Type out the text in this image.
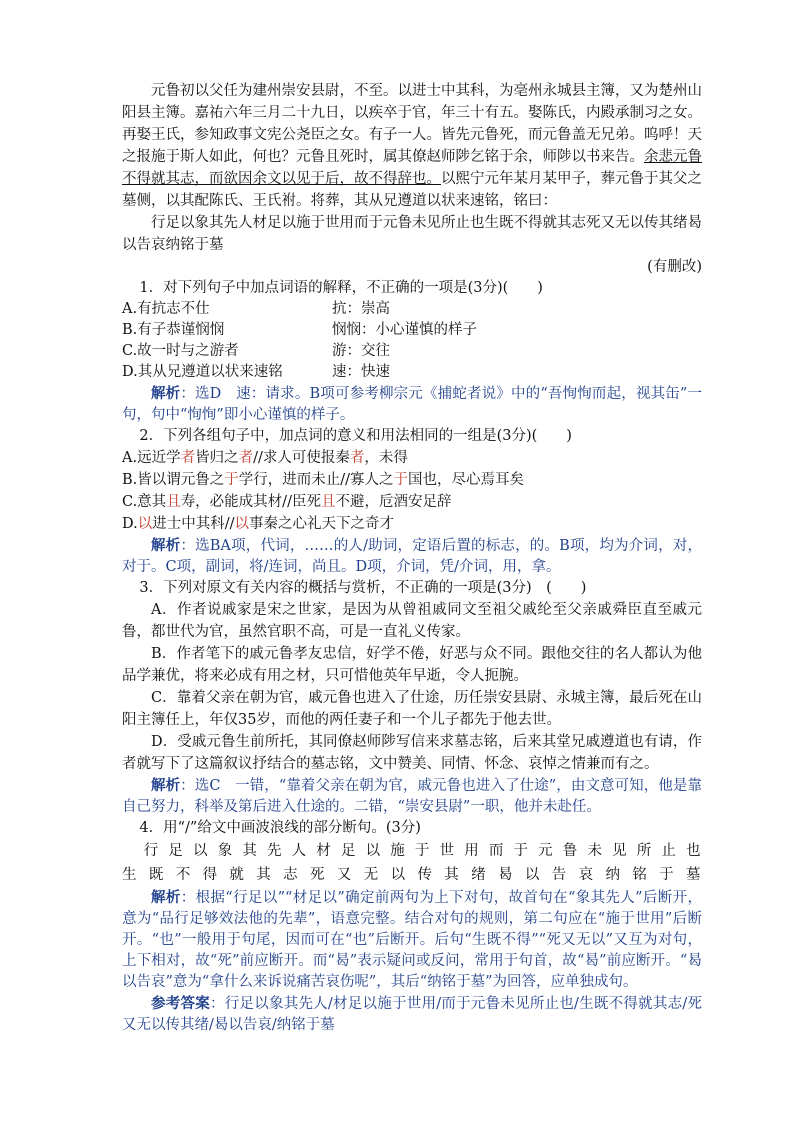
元鲁初以父任为建州崇安县尉，不至。以进士中其科，为亳州永城县主簿，又为楚州山阳县主簿。嘉祐六年三月二十九日，以疾卒于官，年三十有五。娶陈氏，内殿承制习之女。再娶王氏，参知政事文宪公尧臣之女。有子一人。皆先元鲁死，而元鲁盖无兄弟。呜呼！天之报施于斯人如此，何也？元鲁且死时，属其僚赵师陟乞铭于余，师陟以书来告。余悲元鲁不得就其志，而欲因余文以见于后，故不得辞也。以熙宁元年某月某甲子，葬元鲁于其父之墓侧，以其配陈氏、王氏祔。将葬，其从兄遵道以状来速铭，铭曰：

行足以象其先人材足以施于世用而于元鲁未见所止也生既不得就其志死又无以传其绪曷以告哀纳铭于墓

(有删改)

1．对下列句子中加点词语的解释，不正确的一项是(3分)(　　)

A.有抗志不仕	抗：崇高
B.有子恭谨悯悯	悯悯：小心谨慎的样子
C.故一时与之游者	游：交往
D.其从兄遵道以状来速铭	速：快速

解析：选D　速：请求。B项可参考柳宗元《捕蛇者说》中的“吾恂恂而起，视其缶”一句，句中“恂恂”即小心谨慎的样子。

2．下列各组句子中，加点词的意义和用法相同的一组是(3分)(　　)

A.远近学者皆归之者//求人可使报秦者，未得

B.皆以谓元鲁之于学行，进而未止//寡人之于国也，尽心焉耳矣

C.意其且寿，必能成其材//臣死且不避，卮酒安足辞

D.以进士中其科//以事秦之心礼天下之奇才

解析：选BA项，代词，……的人/助词，定语后置的标志，的。B项，均为介词，对，对于。C项，副词，将/连词，尚且。D项，介词，凭/介词，用，拿。

3．下列对原文有关内容的概括与赏析，不正确的一项是(3分)　(　　)

A．作者说戚家是宋之世家，是因为从曾祖戚同文至祖父戚纶至父亲戚舜臣直至戚元鲁，都世代为官，虽然官职不高，可是一直礼义传家。

B．作者笔下的戚元鲁孝友忠信，好学不倦，好恶与众不同。跟他交往的名人都认为他品学兼优，将来必成有用之材，只可惜他英年早逝，令人扼腕。

C．靠着父亲在朝为官，戚元鲁也进入了仕途，历任崇安县尉、永城主簿，最后死在山阳主簿任上，年仅35岁，而他的两任妻子和一个儿子都先于他去世。

D．受戚元鲁生前所托，其同僚赵师陟写信来求墓志铭，后来其堂兄戚遵道也有请，作者就写下了这篇叙议抒结合的墓志铭，文中赞美、同情、怀念、哀悼之情兼而有之。

解析：选C　一错，“靠着父亲在朝为官，戚元鲁也进入了仕途”，由文意可知，他是靠自己努力，科举及第后进入仕途的。二错，“崇安县尉”一职，他并未赴任。

4．用“/”给文中画波浪线的部分断句。(3分)

行足以象其先人材足以施于世用而于元鲁未见所止也

生既不得就其志死又无以传其绪曷以告哀纳铭于墓

解析：根据“行足以”“材足以”确定前两句为上下对句，故首句在“象其先人”后断开，意为“品行足够效法他的先辈”，语意完整。结合对句的规则，第二句应在“施于世用”后断开。“也”一般用于句尾，因而可在“也”后断开。后句“生既不得”“死又无以”又互为对句，上下相对，故“死”前应断开。而“曷”表示疑问或反问，常用于句首，故“曷”前应断开。“曷以告哀”意为“拿什么来诉说痛苦哀伤呢”，其后“纳铭于墓”为回答，应单独成句。

参考答案：行足以象其先人/材足以施于世用/而于元鲁未见所止也/生既不得就其志/死又无以传其绪/曷以告哀/纳铭于墓
